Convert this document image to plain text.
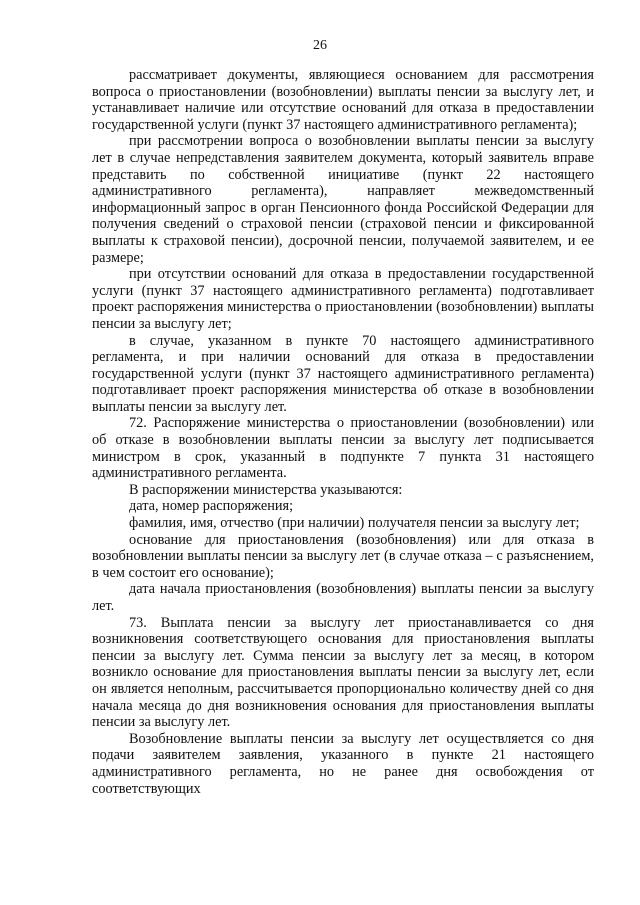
26

рассматривает документы, являющиеся основанием для рассмотрения вопроса о приостановлении (возобновлении) выплаты пенсии за выслугу лет, и устанавливает наличие или отсутствие оснований для отказа в предоставлении государственной услуги (пункт 37 настоящего административного регламента);

при рассмотрении вопроса о возобновлении выплаты пенсии за выслугу лет в случае непредставления заявителем документа, который заявитель вправе представить по собственной инициативе (пункт 22 настоящего административного регламента), направляет межведомственный информационный запрос в орган Пенсионного фонда Российской Федерации для получения сведений о страховой пенсии (страховой пенсии и фиксированной выплаты к страховой пенсии), досрочной пенсии, получаемой заявителем, и ее размере;

при отсутствии оснований для отказа в предоставлении государственной услуги (пункт 37 настоящего административного регламента) подготавливает проект распоряжения министерства о приостановлении (возобновлении) выплаты пенсии за выслугу лет;

в случае, указанном в пункте 70 настоящего административного регламента, и при наличии оснований для отказа в предоставлении государственной услуги (пункт 37 настоящего административного регламента) подготавливает проект распоряжения министерства об отказе в возобновлении выплаты пенсии за выслугу лет.

72. Распоряжение министерства о приостановлении (возобновлении) или об отказе в возобновлении выплаты пенсии за выслугу лет подписывается министром в срок, указанный в подпункте 7 пункта 31 настоящего административного регламента.

В распоряжении министерства указываются:

дата, номер распоряжения;

фамилия, имя, отчество (при наличии) получателя пенсии за выслугу лет;

основание для приостановления (возобновления) или для отказа в возобновлении выплаты пенсии за выслугу лет (в случае отказа – с разъяснением, в чем состоит его основание);

дата начала приостановления (возобновления) выплаты пенсии за выслугу лет.

73. Выплата пенсии за выслугу лет приостанавливается со дня возникновения соответствующего основания для приостановления выплаты пенсии за выслугу лет. Сумма пенсии за выслугу лет за месяц, в котором возникло основание для приостановления выплаты пенсии за выслугу лет, если он является неполным, рассчитывается пропорционально количеству дней со дня начала месяца до дня возникновения основания для приостановления выплаты пенсии за выслугу лет.

Возобновление выплаты пенсии за выслугу лет осуществляется со дня подачи заявителем заявления, указанного в пункте 21 настоящего административного регламента, но не ранее дня освобождения от соответствующих
